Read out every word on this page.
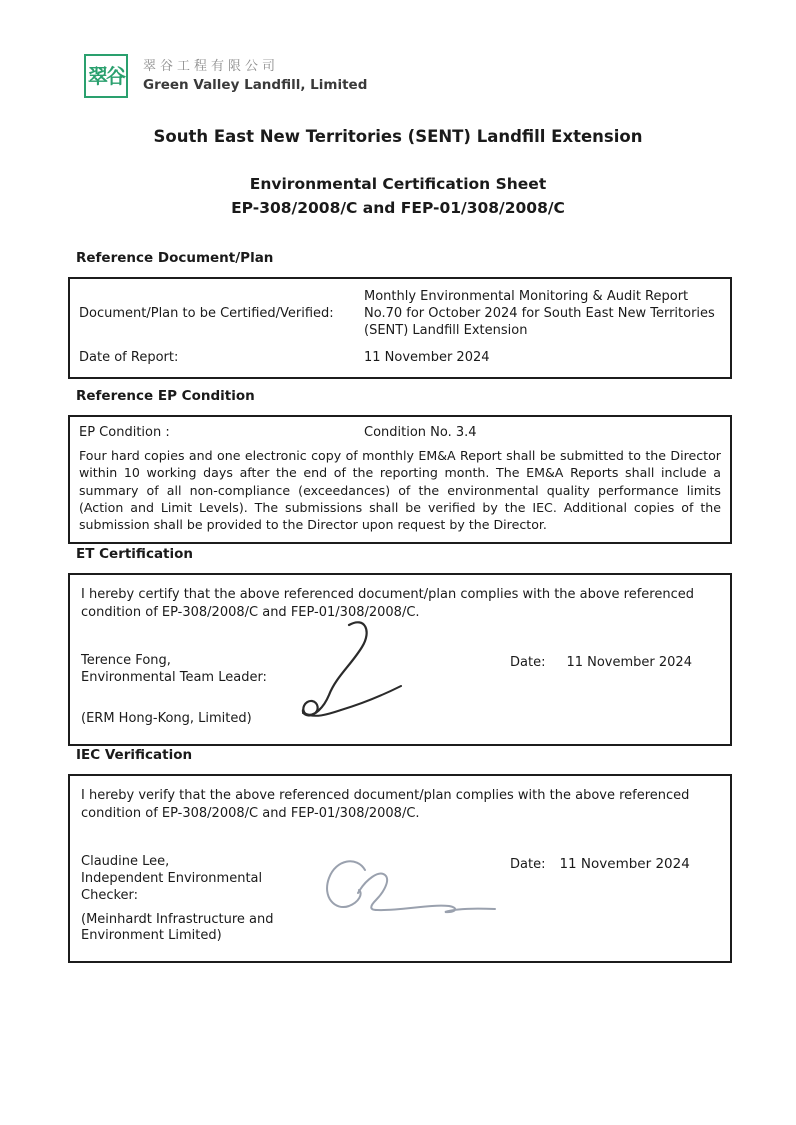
翠谷 翠谷工程有限公司
Green Valley Landfill, Limited
South East New Territories (SENT) Landfill Extension
Environmental Certification Sheet
EP-308/2008/C and FEP-01/308/2008/C
Reference Document/Plan
Document/Plan to be Certified/Verified:
Monthly Environmental Monitoring & Audit Report No.70 for October 2024 for South East New Territories (SENT) Landfill Extension
Date of Report:	11 November 2024
Reference EP Condition
EP Condition :	Condition No. 3.4
Four hard copies and one electronic copy of monthly EM&A Report shall be submitted to the Director within 10 working days after the end of the reporting month. The EM&A Reports shall include a summary of all non-compliance (exceedances) of the environmental quality performance limits (Action and Limit Levels). The submissions shall be verified by the IEC. Additional copies of the submission shall be provided to the Director upon request by the Director.
ET Certification
I hereby certify that the above referenced document/plan complies with the above referenced condition of EP-308/2008/C and FEP-01/308/2008/C.
Terence Fong,
Environmental Team Leader:
(ERM Hong-Kong, Limited)
Date: 11 November 2024
IEC Verification
I hereby verify that the above referenced document/plan complies with the above referenced condition of EP-308/2008/C and FEP-01/308/2008/C.
Claudine Lee,
Independent Environmental Checker:
(Meinhardt Infrastructure and Environment Limited)
Date: 11 November 2024
